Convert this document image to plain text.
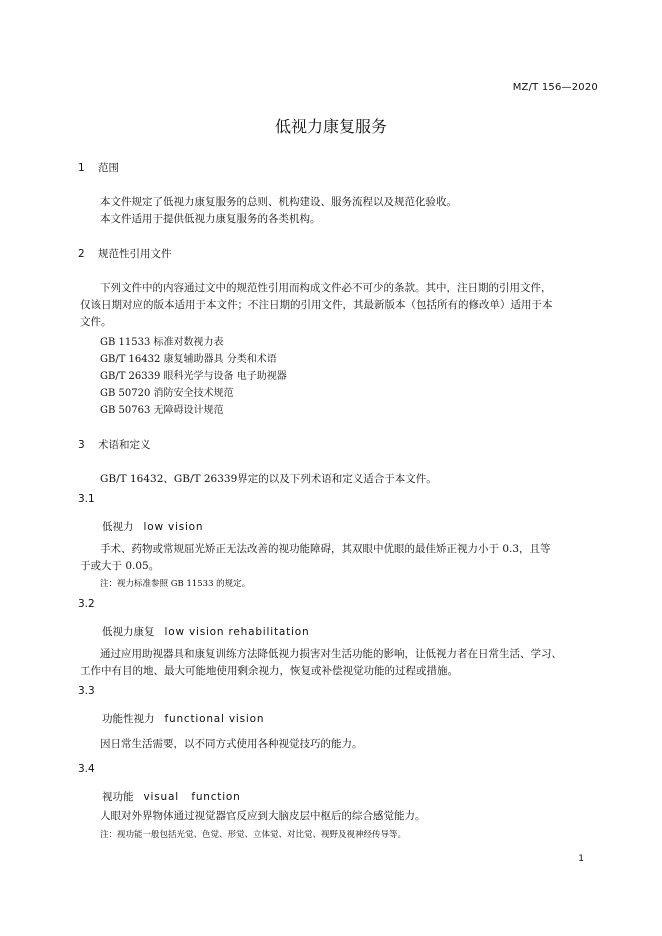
MZ/T 156—2020
低视力康复服务
1 范围
本文件规定了低视力康复服务的总则、机构建设、服务流程以及规范化验收。
本文件适用于提供低视力康复服务的各类机构。
2 规范性引用文件
下列文件中的内容通过文中的规范性引用而构成文件必不可少的条款。其中，注日期的引用文件，
仅该日期对应的版本适用于本文件；不注日期的引用文件，其最新版本（包括所有的修改单）适用于本
文件。
GB 11533 标准对数视力表
GB/T 16432 康复辅助器具 分类和术语
GB/T 26339 眼科光学与设备 电子助视器
GB 50720 消防安全技术规范
GB 50763 无障碍设计规范
3 术语和定义
GB/T 16432、GB/T 26339界定的以及下列术语和定义适合于本文件。
3.1
低视力 low vision
手术、药物或常规屈光矫正无法改善的视功能障碍，其双眼中优眼的最佳矫正视力小于 0.3，且等
于或大于 0.05。
注：视力标准参照 GB 11533 的规定。
3.2
低视力康复 low vision rehabilitation
通过应用助视器具和康复训练方法降低视力损害对生活功能的影响，让低视力者在日常生活、学习、
工作中有目的地、最大可能地使用剩余视力，恢复或补偿视觉功能的过程或措施。
3.3
功能性视力 functional vision
因日常生活需要，以不同方式使用各种视觉技巧的能力。
3.4
视功能 visual   function
人眼对外界物体通过视觉器官反应到大脑皮层中枢后的综合感觉能力。
注：视功能一般包括光觉、色觉、形觉、立体觉、对比觉、视野及视神经传导等。
1
